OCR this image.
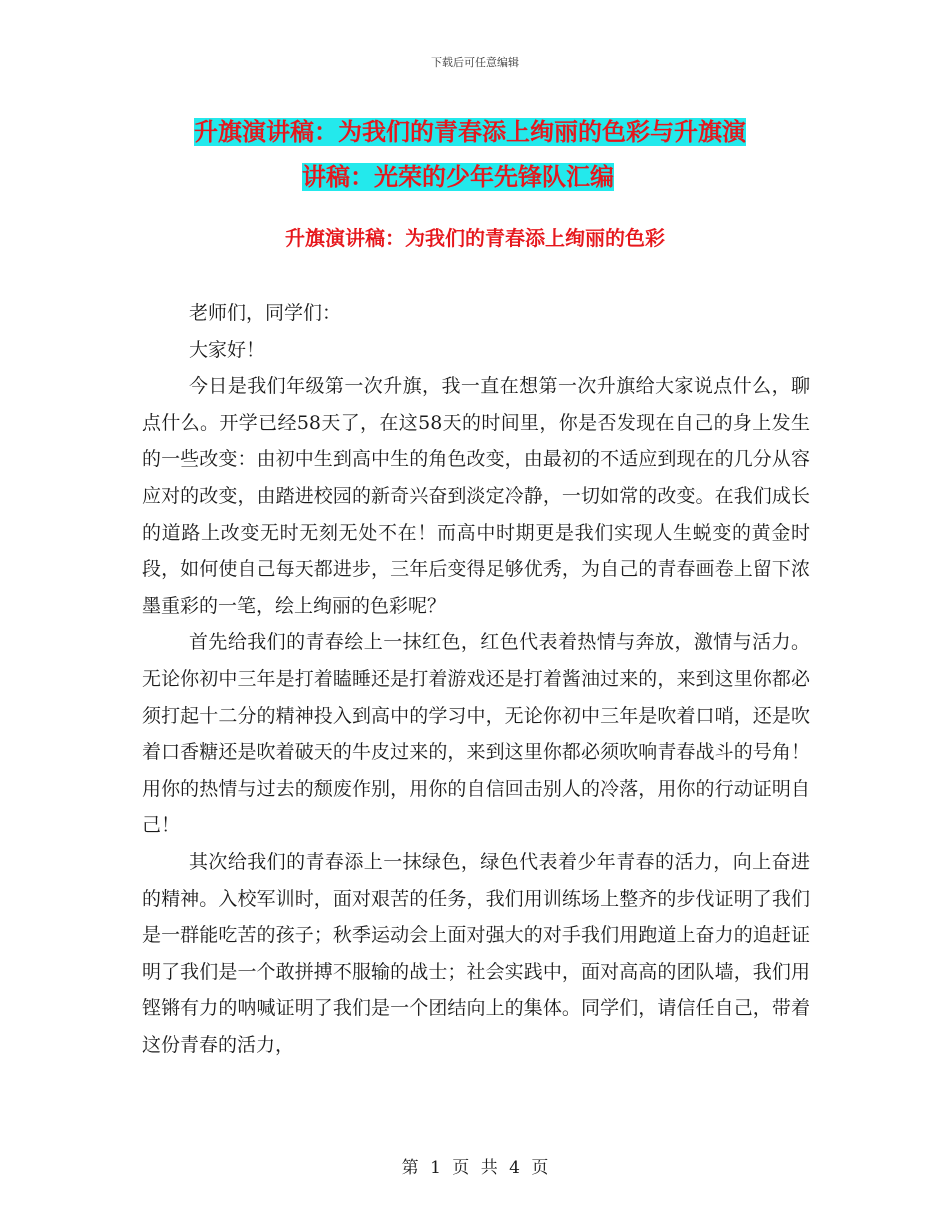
下载后可任意编辑
升旗演讲稿：为我们的青春添上绚丽的色彩与升旗演
讲稿：光荣的少年先锋队汇编
升旗演讲稿：为我们的青春添上绚丽的色彩

老师们，同学们：

大家好！

今日是我们年级第一次升旗，我一直在想第一次升旗给大家说点什么，聊点什么。开学已经58天了，在这58天的时间里，你是否发现在自己的身上发生的一些改变：由初中生到高中生的角色改变，由最初的不适应到现在的几分从容应对的改变，由踏进校园的新奇兴奋到淡定冷静，一切如常的改变。在我们成长的道路上改变无时无刻无处不在！而高中时期更是我们实现人生蜕变的黄金时段，如何使自己每天都进步，三年后变得足够优秀，为自己的青春画卷上留下浓墨重彩的一笔，绘上绚丽的色彩呢？

首先给我们的青春绘上一抹红色，红色代表着热情与奔放，激情与活力。无论你初中三年是打着瞌睡还是打着游戏还是打着酱油过来的，来到这里你都必须打起十二分的精神投入到高中的学习中，无论你初中三年是吹着口哨，还是吹着口香糖还是吹着破天的牛皮过来的，来到这里你都必须吹响青春战斗的号角！用你的热情与过去的颓废作别，用你的自信回击别人的冷落，用你的行动证明自己！

其次给我们的青春添上一抹绿色，绿色代表着少年青春的活力，向上奋进的精神。入校军训时，面对艰苦的任务，我们用训练场上整齐的步伐证明了我们是一群能吃苦的孩子；秋季运动会上面对强大的对手我们用跑道上奋力的追赶证明了我们是一个敢拼搏不服输的战士；社会实践中，面对高高的团队墙，我们用铿锵有力的呐喊证明了我们是一个团结向上的集体。同学们，请信任自己，带着这份青春的活力，

第 1 页 共 4 页
